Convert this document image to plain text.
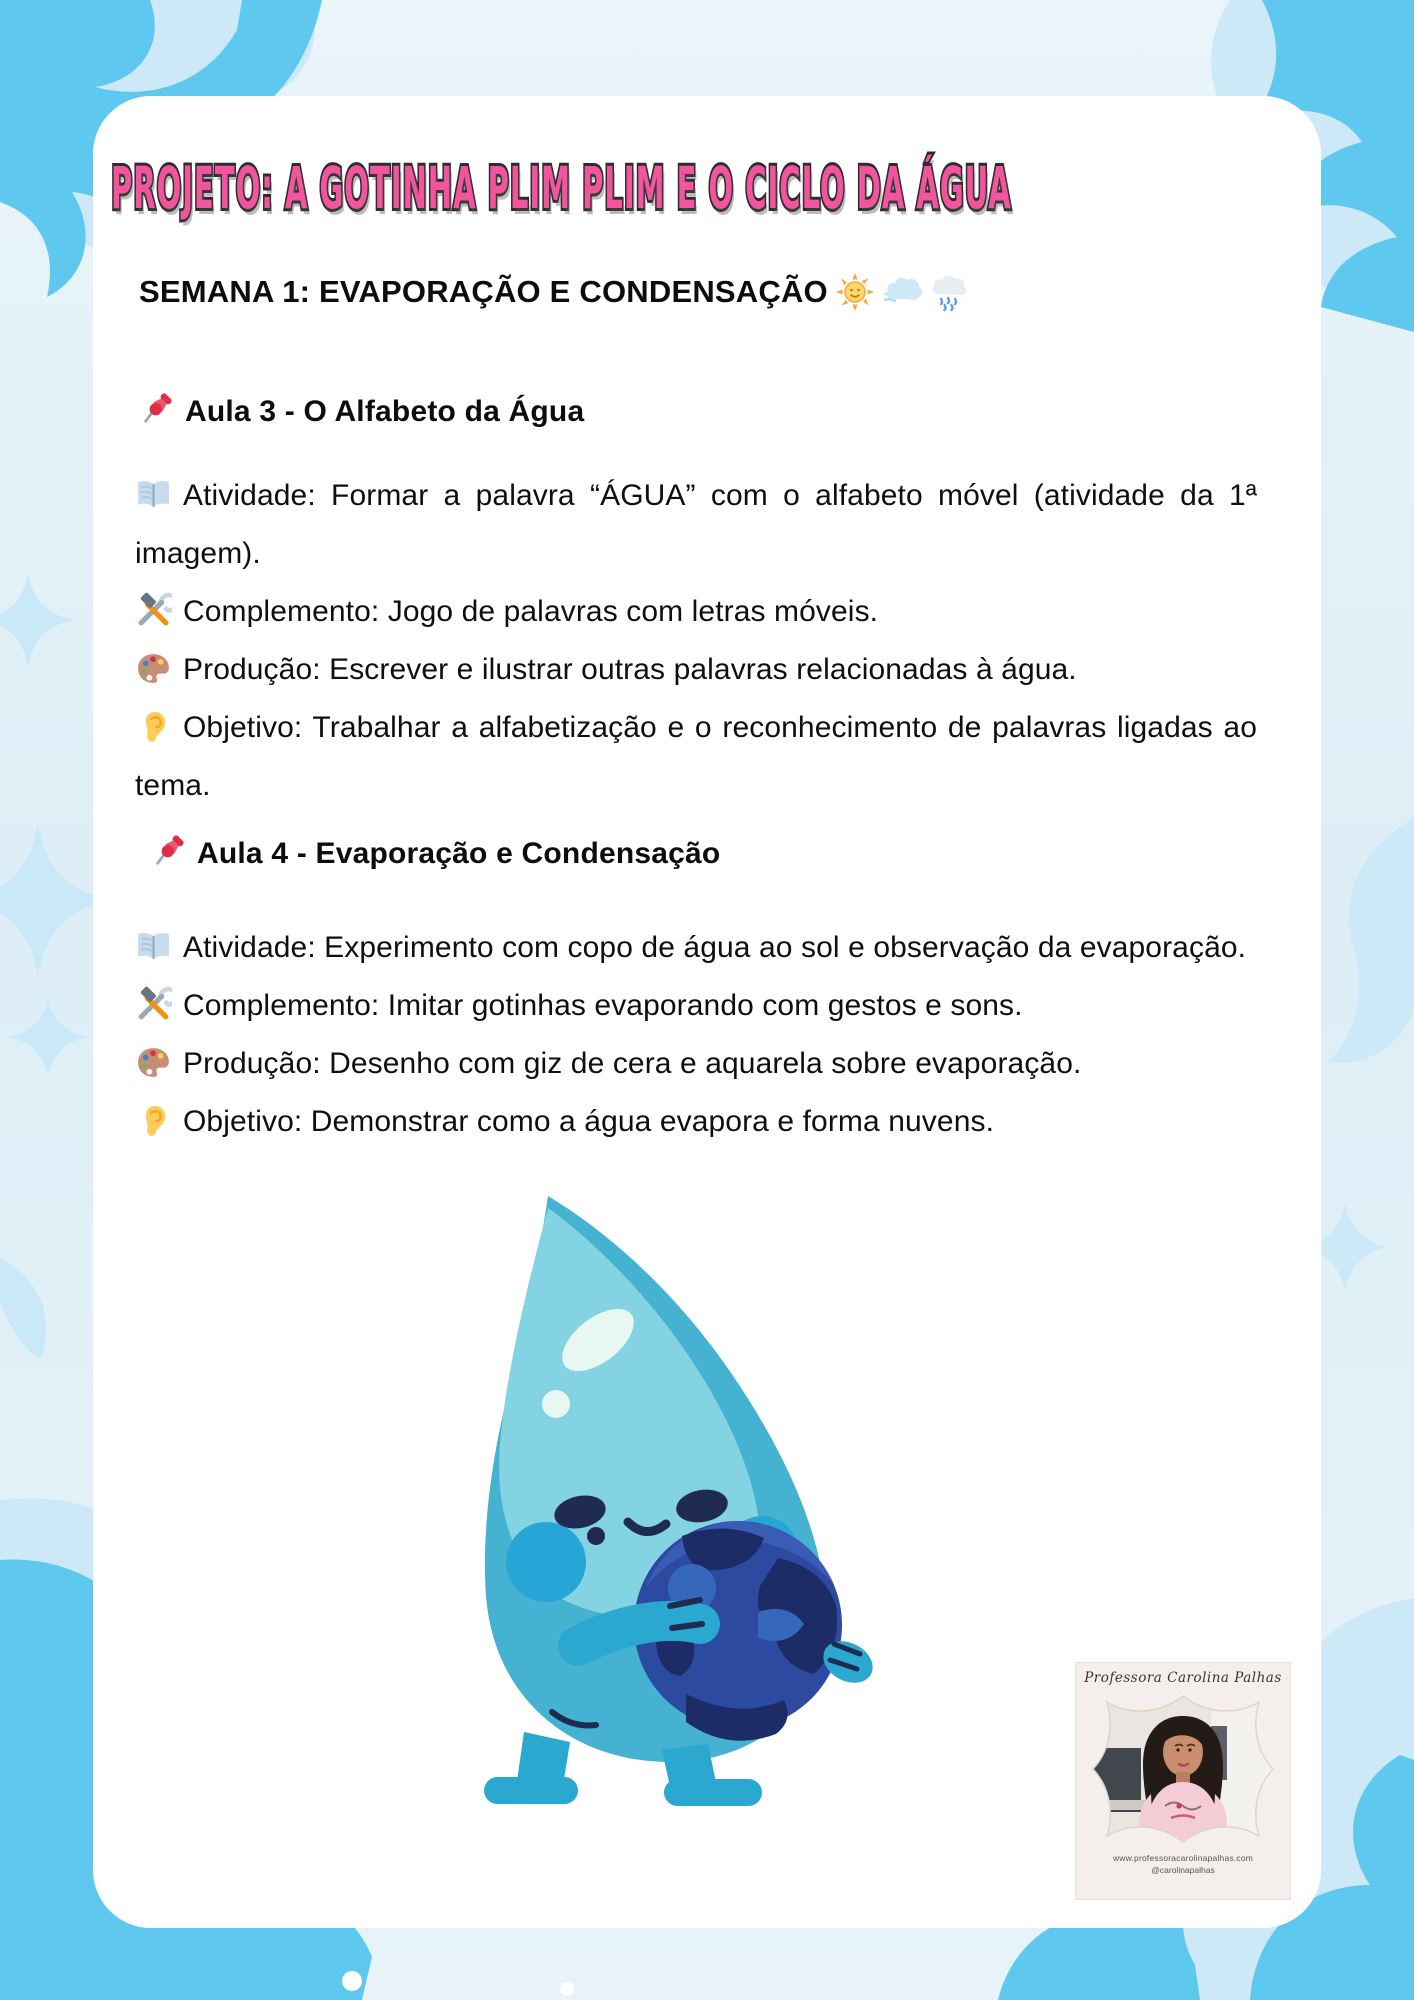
PROJETO: A GOTINHA PLIM PLIM E O CICLO DA ÁGUA
SEMANA 1: EVAPORAÇÃO E CONDENSAÇÃO
Aula 3 - O Alfabeto da Água

Atividade: Formar a palavra “ÁGUA” com o alfabeto móvel (atividade da 1ª imagem).

Complemento: Jogo de palavras com letras móveis.

Produção: Escrever e ilustrar outras palavras relacionadas à água.

Objetivo: Trabalhar a alfabetização e o reconhecimento de palavras ligadas ao tema.

Aula 4 - Evaporação e Condensação

Atividade: Experimento com copo de água ao sol e observação da evaporação.

Complemento: Imitar gotinhas evaporando com gestos e sons.

Produção: Desenho com giz de cera e aquarela sobre evaporação.

Objetivo: Demonstrar como a água evapora e forma nuvens.

Professora Carolina Palhas
www.professoracarolinapalhas.com
@carolinapalhas
